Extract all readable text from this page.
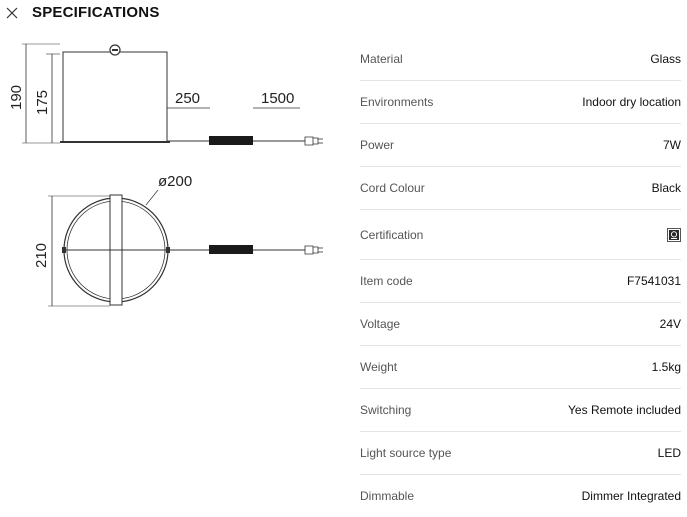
SPECIFICATIONS
190 175	250	1500
ø200
210
Material	Glass
Environments	Indoor dry location
Power	7W
Cord Colour	Black
Certification
Item code	F7541031
Voltage	24V
Weight	1.5kg
Switching	Yes Remote included
Light source type	LED
Dimmable	Dimmer Integrated
